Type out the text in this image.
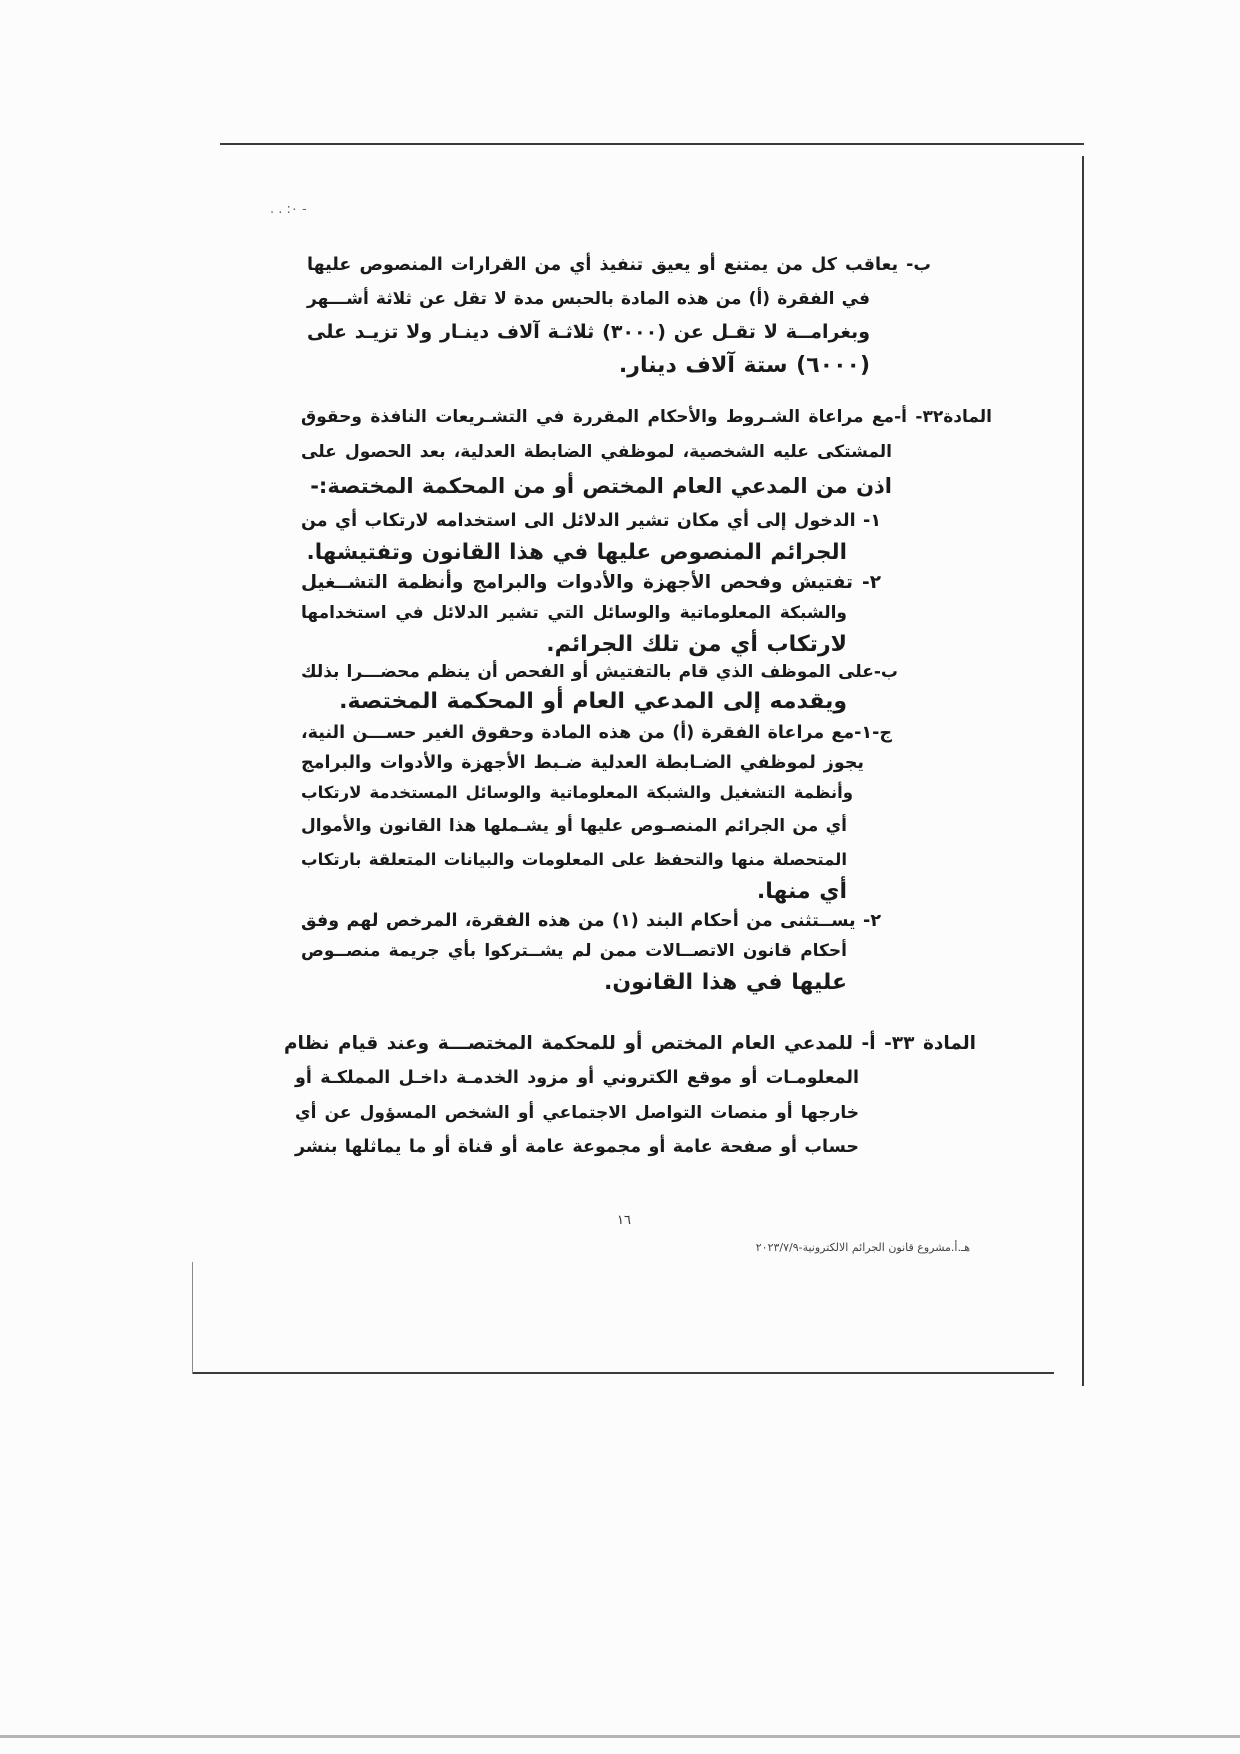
. . :٠ -
ب- يعاقب كل من يمتنع أو يعيق تنفيذ أي من القرارات المنصوص عليها
في الفقرة (أ) من هذه المادة بالحبس مدة لا تقل عن ثلاثة أشـــهر
وبغرامــة لا تقـل عن (٣٠٠٠) ثلاثـة آلاف دينـار ولا تزيـد على
(٦٠٠٠) ستة آلاف دينار.
المادة٣٢- أ-مع مراعاة الشـروط والأحكام المقررة في التشـريعات النافذة وحقوق
المشتكى عليه الشخصية، لموظفي الضابطة العدلية، بعد الحصول على
اذن من المدعي العام المختص أو من المحكمة المختصة:-
١- الدخول إلى أي مكان تشير الدلائل الى استخدامه لارتكاب أي من
الجرائم المنصوص عليها في هذا القانون وتفتيشها.
٢- تفتيش وفحص الأجهزة والأدوات والبرامج وأنظمة التشــغيل
والشبكة المعلوماتية والوسائل التي تشير الدلائل في استخدامها
لارتكاب أي من تلك الجرائم.
ب-على الموظف الذي قام بالتفتيش أو الفحص أن ينظم محضـــرا بذلك
ويقدمه إلى المدعي العام أو المحكمة المختصة.
ج-١-مع مراعاة الفقرة (أ) من هذه المادة وحقوق الغير حســـن النية،
يجوز لموظفي الضـابطة العدلية ضـبط الأجهزة والأدوات والبرامج
وأنظمة التشغيل والشبكة المعلوماتية والوسائل المستخدمة لارتكاب
أي من الجرائم المنصـوص عليها أو يشـملها هذا القانون والأموال
المتحصلة منها والتحفظ على المعلومات والبيانات المتعلقة بارتكاب
أي منها.
٢- يســتثنى من أحكام البند (١) من هذه الفقرة، المرخص لهم وفق
أحكام قانون الاتصــالات ممن لم يشــتركوا بأي جريمة منصــوص
عليها في هذا القانون.
المادة ٣٣- أ- للمدعي العام المختص أو للمحكمة المختصـــة وعند قيام نظام
المعلومـات أو موقع الكتروني أو مزود الخدمـة داخـل المملكـة أو
خارجها أو منصات التواصل الاجتماعي أو الشخص المسؤول عن أي
حساب أو صفحة عامة أو مجموعة عامة أو قناة أو ما يماثلها بنشر
١٦
هـ.أ.مشروع قانون الجرائم الالكترونية-٢٠٢٣/٧/٩
